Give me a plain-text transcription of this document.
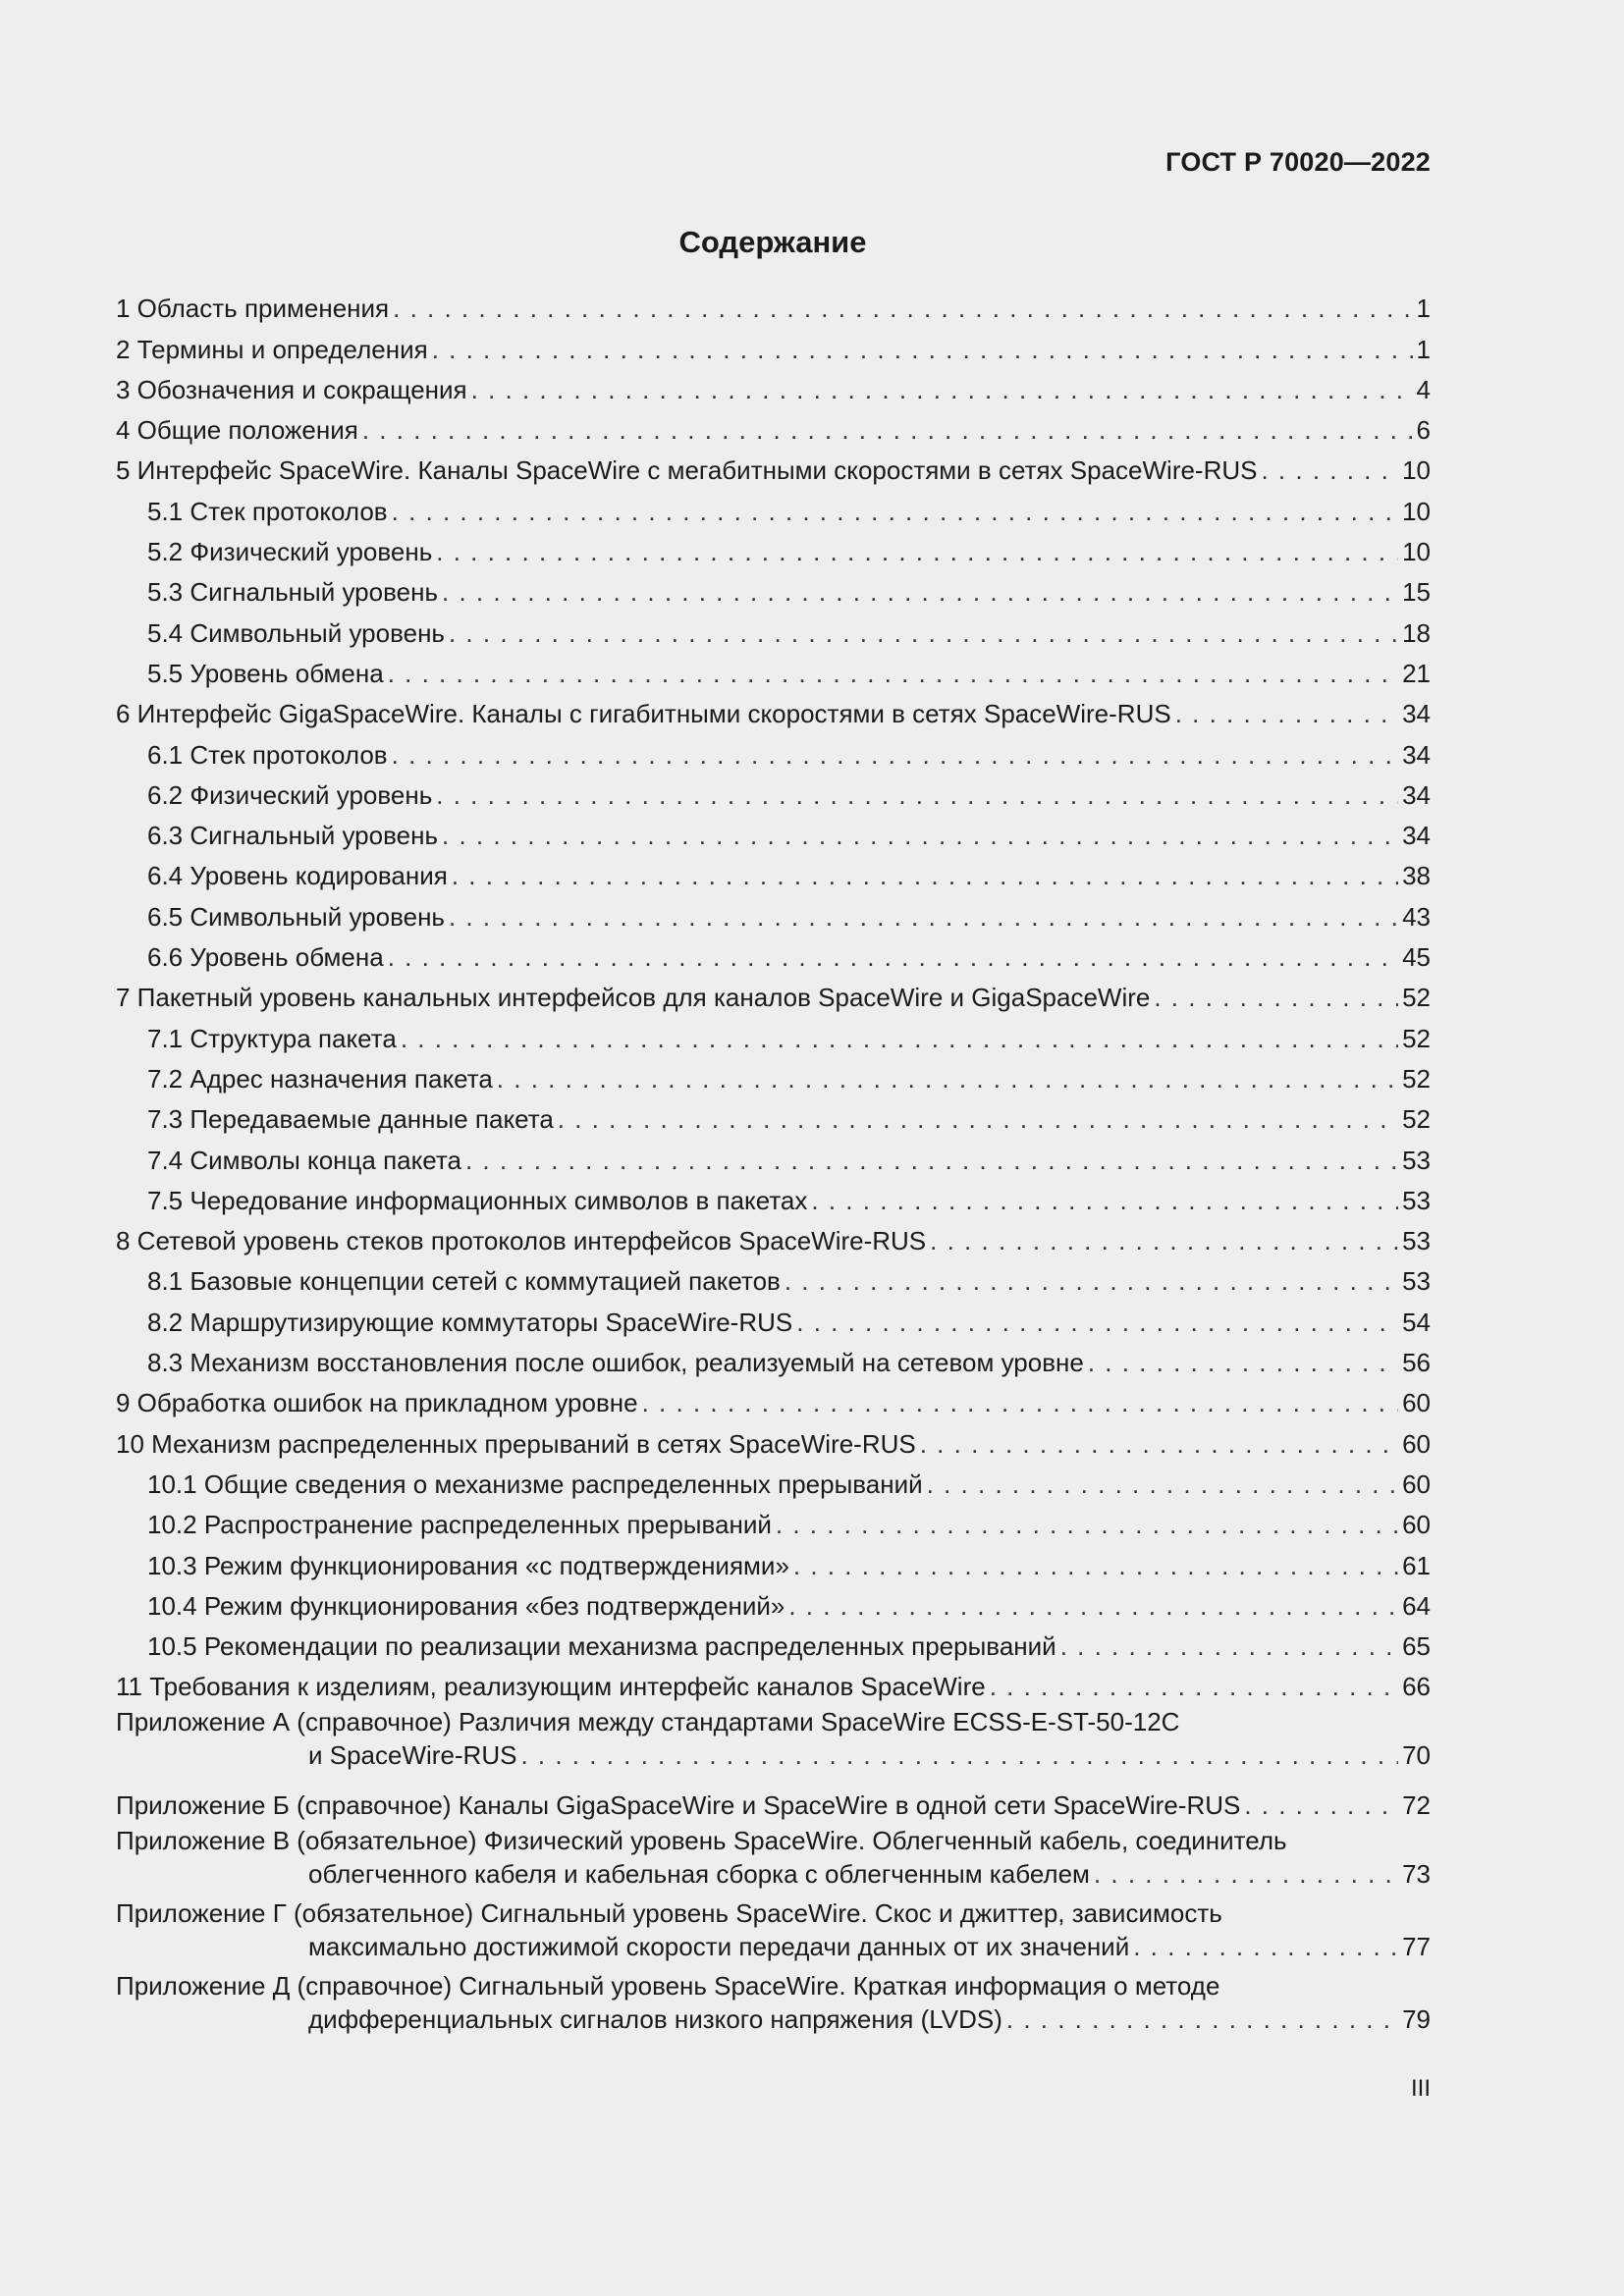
ГОСТ Р 70020—2022
Содержание
1 Область применения . . .	1
2 Термины и определения . . .	1
3 Обозначения и сокращения . . .	4
4 Общие положения . . .	6
5 Интерфейс SpaceWire. Каналы SpaceWire с мегабитными скоростями в сетях SpaceWire-RUS . . .	10
5.1 Стек протоколов . . .	10
5.2 Физический уровень . . .	10
5.3 Сигнальный уровень . . .	15
5.4 Символьный уровень . . .	18
5.5 Уровень обмена . . .	21
6 Интерфейс GigaSpaceWire. Каналы с гигабитными скоростями в сетях SpaceWire-RUS . . .	34
6.1 Стек протоколов . . .	34
6.2 Физический уровень . . .	34
6.3 Сигнальный уровень . . .	34
6.4 Уровень кодирования . . .	38
6.5 Символьный уровень . . .	43
6.6 Уровень обмена . . .	45
7 Пакетный уровень канальных интерфейсов для каналов SpaceWire и GigaSpaceWire . . .	52
7.1 Структура пакета . . .	52
7.2 Адрес назначения пакета . . .	52
7.3 Передаваемые данные пакета . . .	52
7.4 Символы конца пакета . . .	53
7.5 Чередование информационных символов в пакетах . . .	53
8 Сетевой уровень стеков протоколов интерфейсов SpaceWire-RUS . . .	53
8.1 Базовые концепции сетей с коммутацией пакетов . . .	53
8.2 Маршрутизирующие коммутаторы SpaceWire-RUS . . .	54
8.3 Механизм восстановления после ошибок, реализуемый на сетевом уровне . . .	56
9 Обработка ошибок на прикладном уровне . . .	60
10 Механизм распределенных прерываний в сетях SpaceWire-RUS . . .	60
10.1 Общие сведения о механизме распределенных прерываний . . .	60
10.2 Распространение распределенных прерываний . . .	60
10.3 Режим функционирования «с подтверждениями» . . .	61
10.4 Режим функционирования «без подтверждений» . . .	64
10.5 Рекомендации по реализации механизма распределенных прерываний . . .	65
11 Требования к изделиям, реализующим интерфейс каналов SpaceWire . . .	66
Приложение А (справочное) Различия между стандартами SpaceWire ECSS-E-ST-50-12C
и SpaceWire-RUS . . .	70
Приложение Б (справочное) Каналы GigaSpaceWire и SpaceWire в одной сети SpaceWire-RUS . . .	72
Приложение В (обязательное) Физический уровень SpaceWire. Облегченный кабель, соединитель
облегченного кабеля и кабельная сборка с облегченным кабелем . . .	73
Приложение Г (обязательное) Сигнальный уровень SpaceWire. Скос и джиттер, зависимость
максимально достижимой скорости передачи данных от их значений . . .	77
Приложение Д (справочное) Сигнальный уровень SpaceWire. Краткая информация о методе
дифференциальных сигналов низкого напряжения (LVDS) . . .	79
III
